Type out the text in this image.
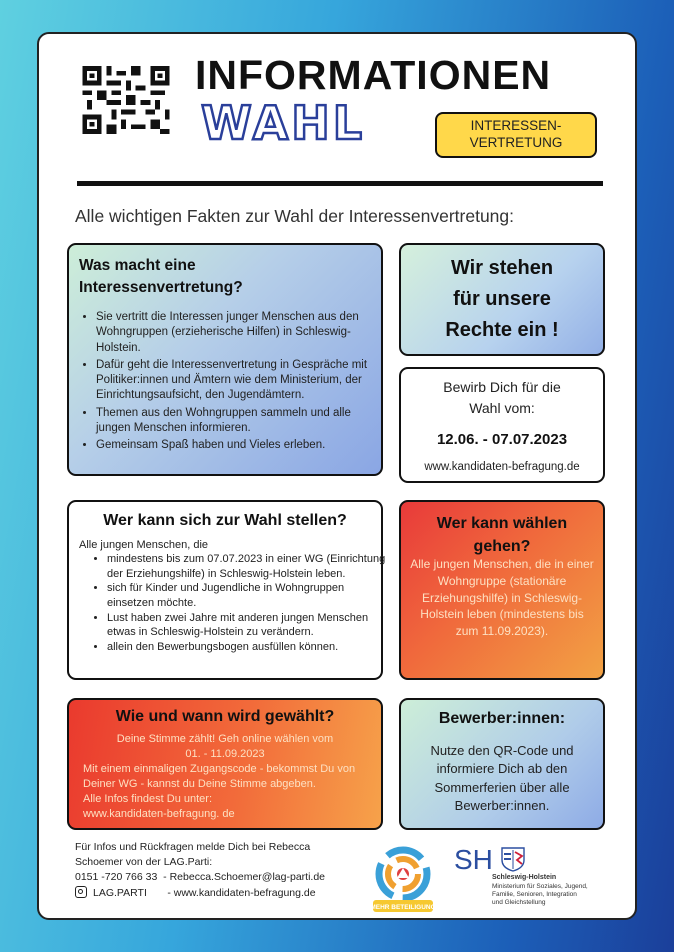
INFORMATIONEN
WAHL	INTERESSEN-
VERTRETUNG
Alle wichtigen Fakten zur Wahl der Interessenvertretung:
Was macht eine
Interessenvertretung?
• Sie vertritt die Interessen junger Menschen aus den Wohngruppen (erzieherische Hilfen) in Schleswig-Holstein.
• Dafür geht die Interessenvertretung in Gespräche mit Politiker:innen und Ämtern wie dem Ministerium, der Einrichtungsaufsicht, den Jugendämtern.
• Themen aus den Wohngruppen sammeln und alle jungen Menschen informieren.
• Gemeinsam Spaß haben und Vieles erleben.
Wir stehen
für unsere
Rechte ein !
Bewirb Dich für die
Wahl vom:
12.06. - 07.07.2023
www.kandidaten-befragung.de
Wer kann sich zur Wahl stellen?
Alle jungen Menschen, die
• mindestens bis zum 07.07.2023 in einer WG (Einrichtung der Erziehungshilfe) in Schleswig-Holstein leben.
• sich für Kinder und Jugendliche in Wohngruppen einsetzen möchte.
• Lust haben zwei Jahre mit anderen jungen Menschen etwas in Schleswig-Holstein zu verändern.
• allein den Bewerbungsbogen ausfüllen können.
Wer kann wählen
gehen?
Alle jungen Menschen, die in einer Wohngruppe (stationäre Erziehungshilfe) in Schleswig-Holstein leben (mindestens bis zum 11.09.2023).
Wie und wann wird gewählt?
Deine Stimme zählt! Geh online wählen vom
01. - 11.09.2023
Mit einem einmaligen Zugangscode - bekommst Du von
Deiner WG - kannst du Deine Stimme abgeben.
Alle Infos findest Du unter:
www.kandidaten-befragung. de
Bewerber:innen:
Nutze den QR-Code und informiere Dich ab den Sommerferien über alle Bewerber:innen.
Für Infos und Rückfragen melde Dich bei Rebecca
Schoemer von der LAG.Parti:
0151 -720 766 33  - Rebecca.Schoemer@lag-parti.de
LAG.PARTI       - www.kandidaten-befragung.de
MEHR BETEILIGUNG
SH
Schleswig-Holstein
Ministerium für Soziales, Jugend,
Familie, Senioren, Integration
und Gleichstellung
